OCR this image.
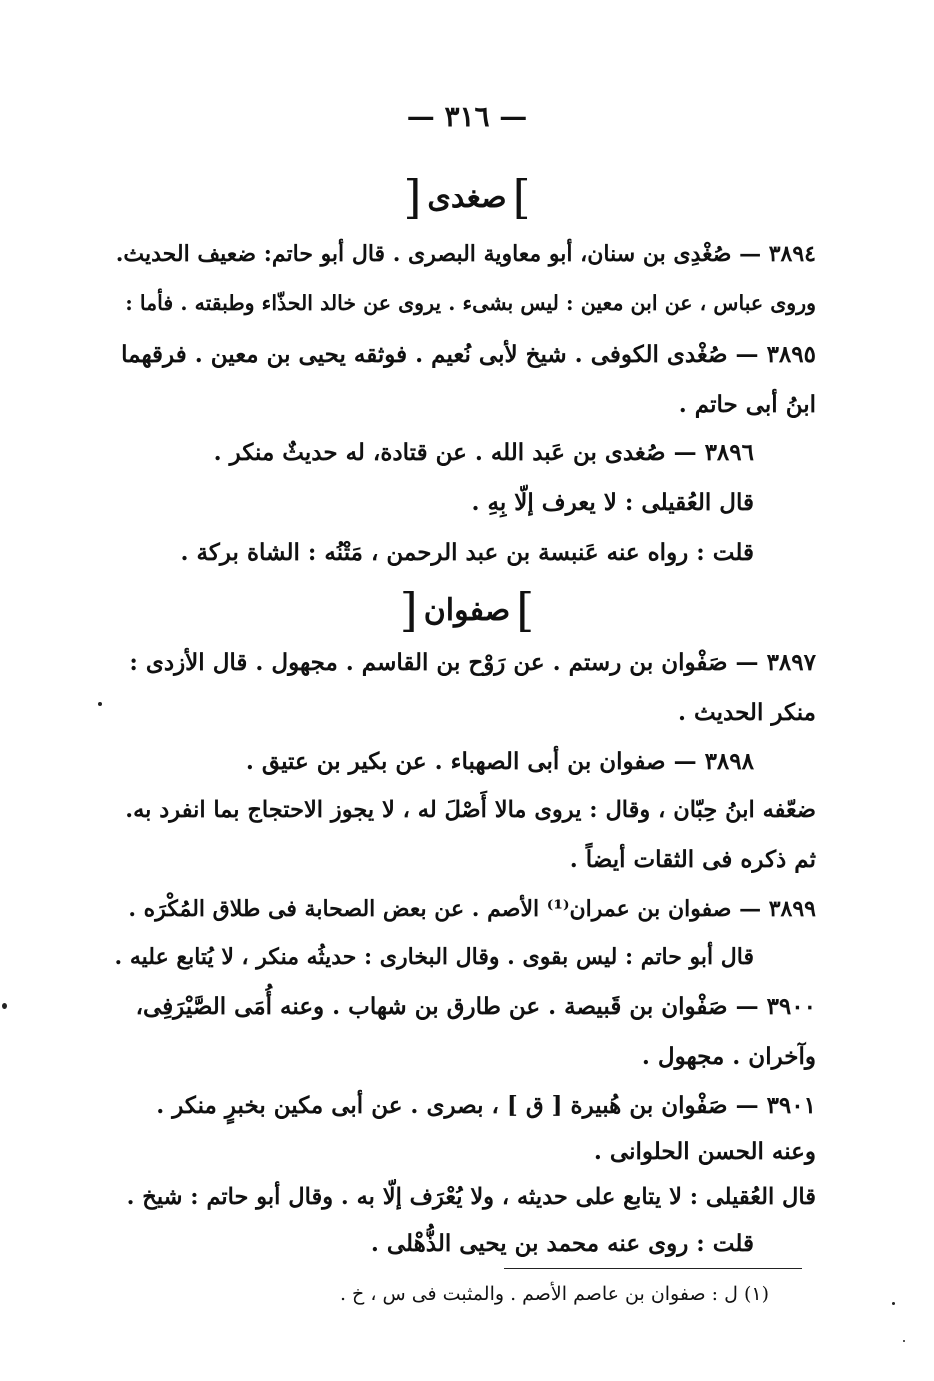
— ٣١٦ —
]صغدى[
٣٨٩٤ — صُغْدِى بن سنان، أبو معاوية البصرى . قال أبو حاتم: ضعيف الحديث.
وروى عباس ، عن ابن معين : ليس بشىء . يروى عن خالد الحذّاء وطبقته . فأما :
٣٨٩٥ — صُغْدى الكوفى . شيخ لأبى نُعيم . فوثقه يحيى بن معين . فرقهما
ابنُ أبى حاتم .
٣٨٩٦ — صُغدى بن عَبد الله . عن قتادة، له حديثٌ منكر .
قال العُقيلى : لا يعرف إلّا بِهِ .
قلت : رواه عنه عَنبسة بن عبد الرحمن ، مَتْنُه : الشاة بركة .
]صفوان[
٣٨٩٧ — صَفْوان بن رستم . عن رَوْح بن القاسم . مجهول . قال الأزدى :
منكر الحديث .
٣٨٩٨ — صفوان بن أبى الصهباء . عن بكير بن عتيق .
ضعّفه ابنُ حِبّان ، وقال : يروى مالا أَصْلَ له ، لا يجوز الاحتجاج بما انفرد به.
ثم ذكره فى الثقات أيضاً .
٣٨٩٩ — صفوان بن عمران⁽¹⁾ الأصم . عن بعض الصحابة فى طلاق المُكْرَه .
قال أبو حاتم : ليس بقوى . وقال البخارى : حديثُه منكر ، لا يُتابع عليه .
٣٩٠٠ — صَفْوان بن قَبيصة . عن طارق بن شهاب . وعنه أُمَى الصَّيْرَفِى،
وآخران . مجهول .
٣٩٠١ — صَفْوان بن هُبيرة [ ق ] ، بصرى . عن أبى مكين بخبرٍ منكر .
وعنه الحسن الحلوانى .
قال العُقيلى : لا يتابع على حديثه ، ولا يُعْرَف إلّا به . وقال أبو حاتم : شيخ .
قلت : روى عنه محمد بن يحيى الذُّهْلى .
(١) ل : صفوان بن عاصم الأصم . والمثبت فى س ، خ .
